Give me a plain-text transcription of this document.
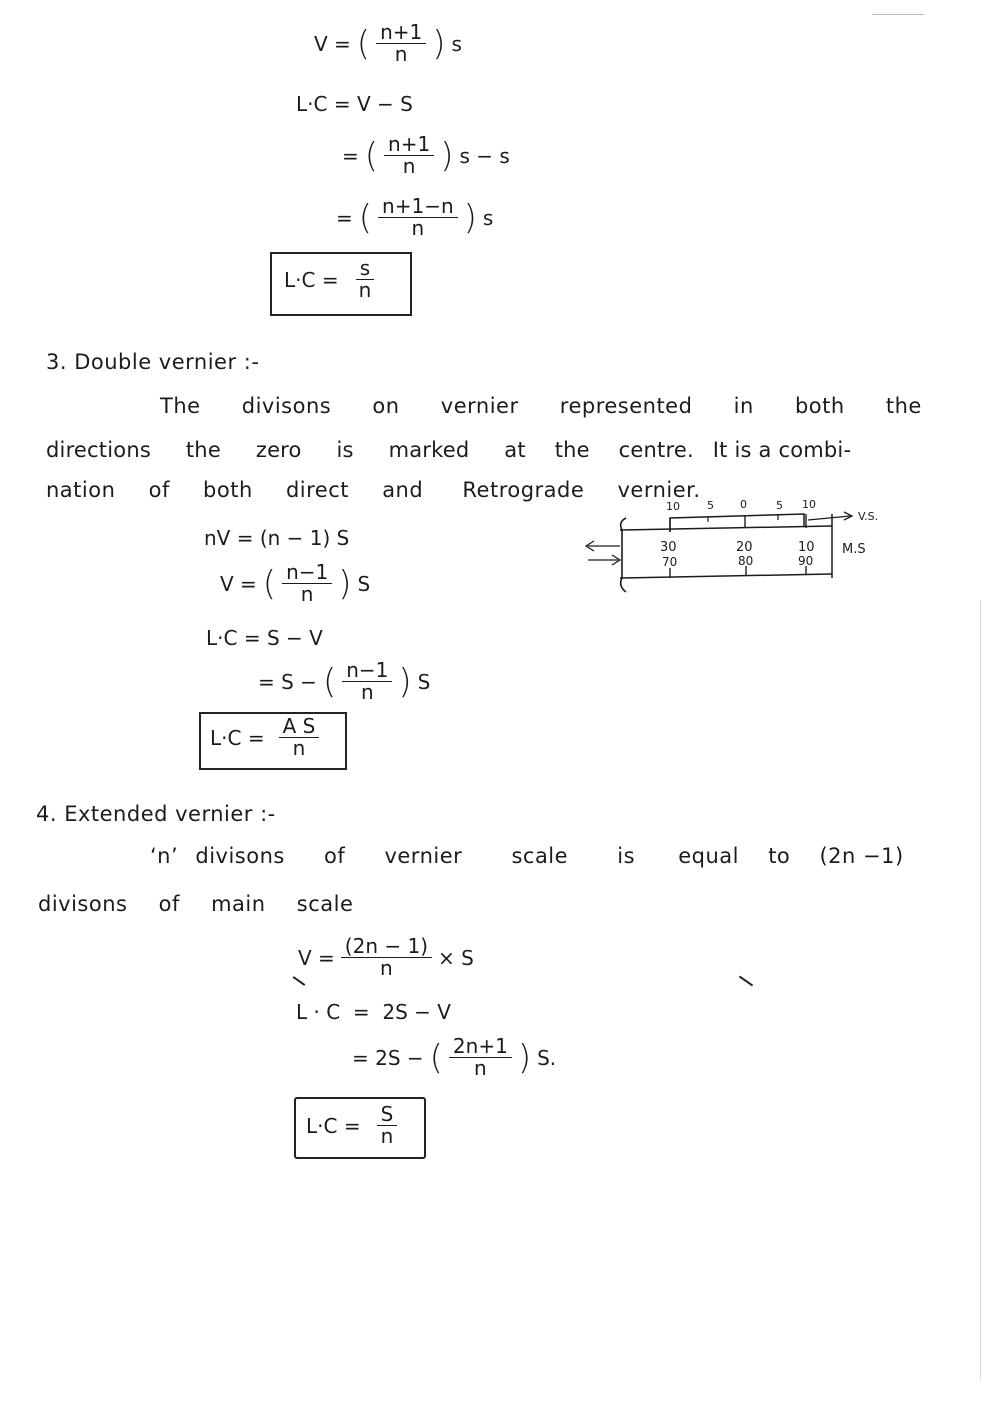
V = ( $\frac{n+1}{n}$ ) s
L·C = V − S
= ( $\frac{n+1}{n}$ ) s − s
= ( $\frac{n+1-n}{n}$ ) s
$L\cdot C = \frac{s}{n}$
3. Double vernier :-
The divisons on vernier represented in both the
directions the zero is marked at the centre. It is a combi-
nation of both direct and Retrograde vernier.
10 5 0	5 10
V.S.
30	20	10
70	80	90
M.S
nV = (n − 1) S
V = ( $\frac{n-1}{n}$ ) S
L·C = S − V
= S − ( $\frac{n-1}{n}$ ) S
$L\cdot C = \frac{\text{A S}}{n}$
4. Extended vernier :-
‘n’ divisons of vernier scale is equal to (2n −1)
divisons of main scale
$V = \frac{(2n - 1)}{n} \times S$
L · C  =  2S − V
= 2S − ( $\frac{2n+1}{n}$ ) S.
$L\cdot C = \frac{S}{n}$
